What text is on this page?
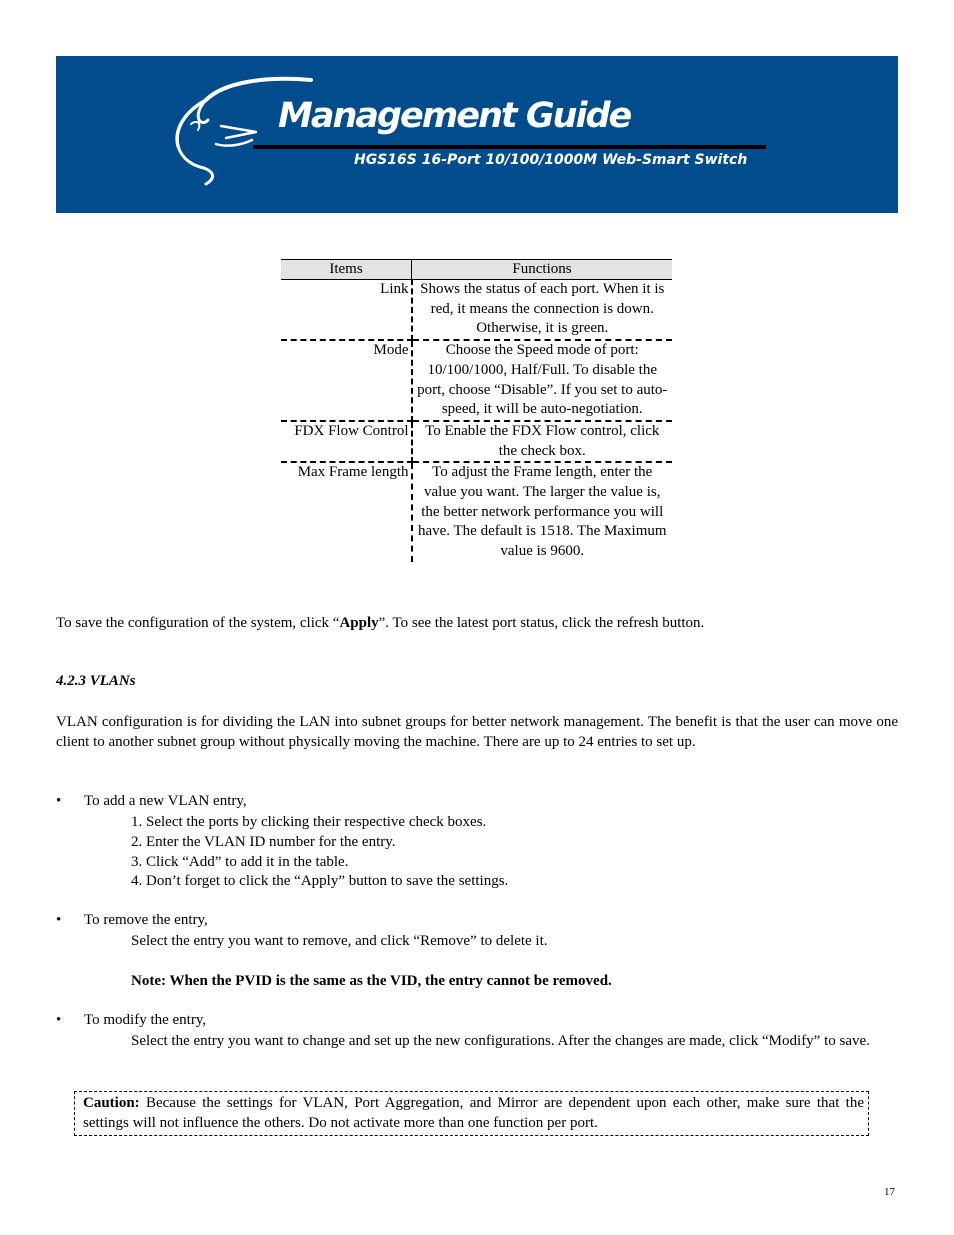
Management Guide
HGS16S 16-Port 10/100/1000M Web-Smart Switch
Items	Functions
Link	Shows the status of each port. When it is red, it means the connection is down. Otherwise, it is green.
Mode	Choose the Speed mode of port: 10/100/1000, Half/Full. To disable the port, choose “Disable”. If you set to auto-speed, it will be auto-negotiation.
FDX Flow Control	To Enable the FDX Flow control, click the check box.
Max Frame length	To adjust the Frame length, enter the value you want. The larger the value is, the better network performance you will have. The default is 1518. The Maximum value is 9600.

To save the configuration of the system, click “Apply”. To see the latest port status, click the refresh button.

4.2.3 VLANs

VLAN configuration is for dividing the LAN into subnet groups for better network management. The benefit is that the user can move one client to another subnet group without physically moving the machine. There are up to 24 entries to set up.

• To add a new VLAN entry,
1. Select the ports by clicking their respective check boxes.
2. Enter the VLAN ID number for the entry.
3. Click “Add” to add it in the table.
4. Don’t forget to click the “Apply” button to save the settings.
• To remove the entry,

Select the entry you want to remove, and click “Remove” to delete it.

Note: When the PVID is the same as the VID, the entry cannot be removed.

• To modify the entry,

Select the entry you want to change and set up the new configurations. After the changes are made, click “Modify” to save.

Caution: Because the settings for VLAN, Port Aggregation, and Mirror are dependent upon each other, make sure that the settings will not influence the others. Do not activate more than one function per port.
17
